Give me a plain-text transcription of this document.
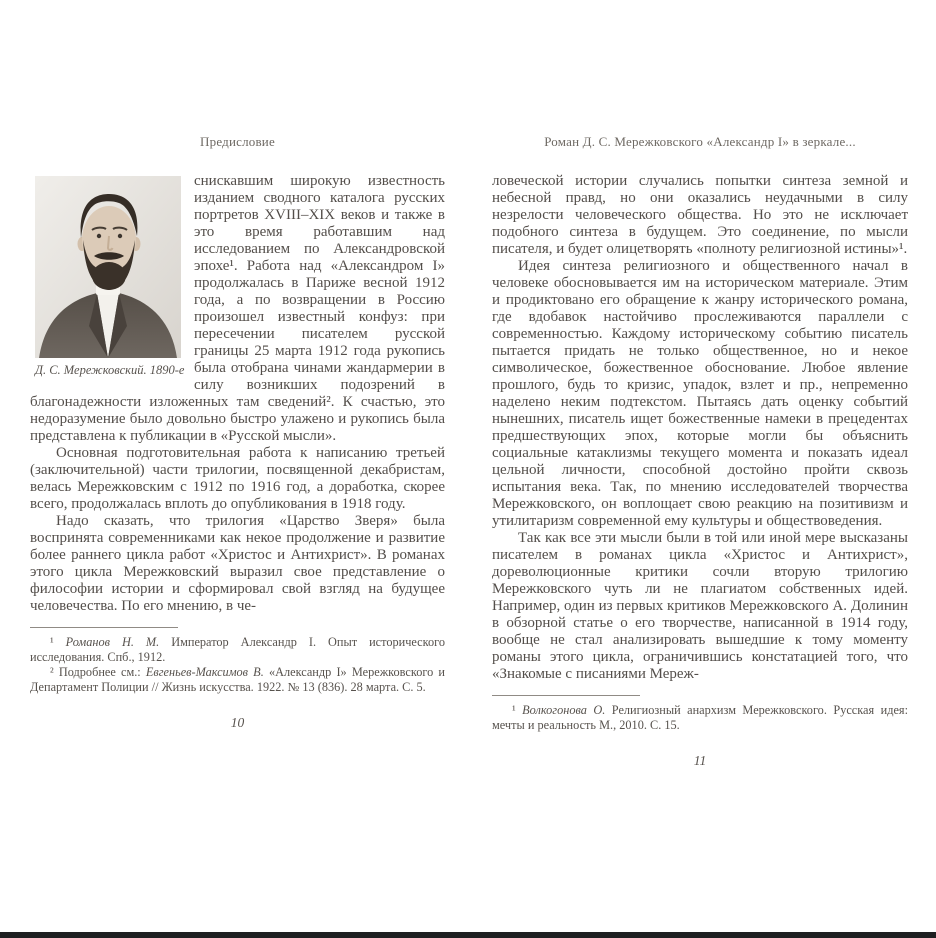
Предисловие
Д. С. Мережковский. 1890-е

снискавшим широкую известность изданием сводного каталога русских портретов XVIII–XIX веков и также в это время работавшим над исследованием по Александровской эпохе¹. Работа над «Александром I» продолжалась в Париже весной 1912 года, а по возвращении в Россию произошел известный конфуз: при пересечении писателем русской границы 25 марта 1912 года рукопись была отобрана чинами жандармерии в силу возникших подозрений в благонадежности изложенных там сведений². К счастью, это недоразумение было довольно быстро улажено и рукопись была представлена к публикации в «Русской мысли».

Основная подготовительная работа к написанию третьей (заключительной) части трилогии, посвященной декабристам, велась Мережковским с 1912 по 1916 год, а доработка, скорее всего, продолжалась вплоть до опубликования в 1918 году.

Надо сказать, что трилогия «Царство Зверя» была воспринята современниками как некое продолжение и развитие более раннего цикла работ «Христос и Антихрист». В романах этого цикла Мережковский выразил свое представление о философии истории и сформировал свой взгляд на будущее человечества. По его мнению, в че-

¹ Романов Н. М. Император Александр I. Опыт исторического исследования. Спб., 1912.

² Подробнее см.: Евгеньев-Максимов В. «Александр I» Мережковского и Департамент Полиции // Жизнь искусства. 1922. № 13 (836). 28 марта. С. 5.

10
Роман Д. С. Мережковского «Александр I» в зеркале...

ловеческой истории случались попытки синтеза земной и небесной правд, но они оказались неудачными в силу незрелости человеческого общества. Но это не исключает подобного синтеза в будущем. Это соединение, по мысли писателя, и будет олицетворять «полноту религиозной истины»¹.

Идея синтеза религиозного и общественного начал в человеке обосновывается им на историческом материале. Этим и продиктовано его обращение к жанру исторического романа, где вдобавок настойчиво прослеживаются параллели с современностью. Каждому историческому событию писатель пытается придать не только общественное, но и некое символическое, божественное обоснование. Любое явление прошлого, будь то кризис, упадок, взлет и пр., непременно наделено неким подтекстом. Пытаясь дать оценку событий нынешних, писатель ищет божественные намеки в прецедентах предшествующих эпох, которые могли бы объяснить социальные катаклизмы текущего момента и показать идеал цельной личности, способной достойно пройти сквозь испытания века. Так, по мнению исследователей творчества Мережковского, он воплощает свою реакцию на позитивизм и утилитаризм современной ему культуры и обществоведения.

Так как все эти мысли были в той или иной мере высказаны писателем в романах цикла «Христос и Антихрист», дореволюционные критики сочли вторую трилогию Мережковского чуть ли не плагиатом собственных идей. Например, один из первых критиков Мережковского А. Долинин в обзорной статье о его творчестве, написанной в 1914 году, вообще не стал анализировать вышедшие к тому моменту романы этого цикла, ограничившись констатацией того, что «Знакомые с писаниями Мереж-

¹ Волкогонова О. Религиозный анархизм Мережковского. Русская идея: мечты и реальность М., 2010. С. 15.

11
